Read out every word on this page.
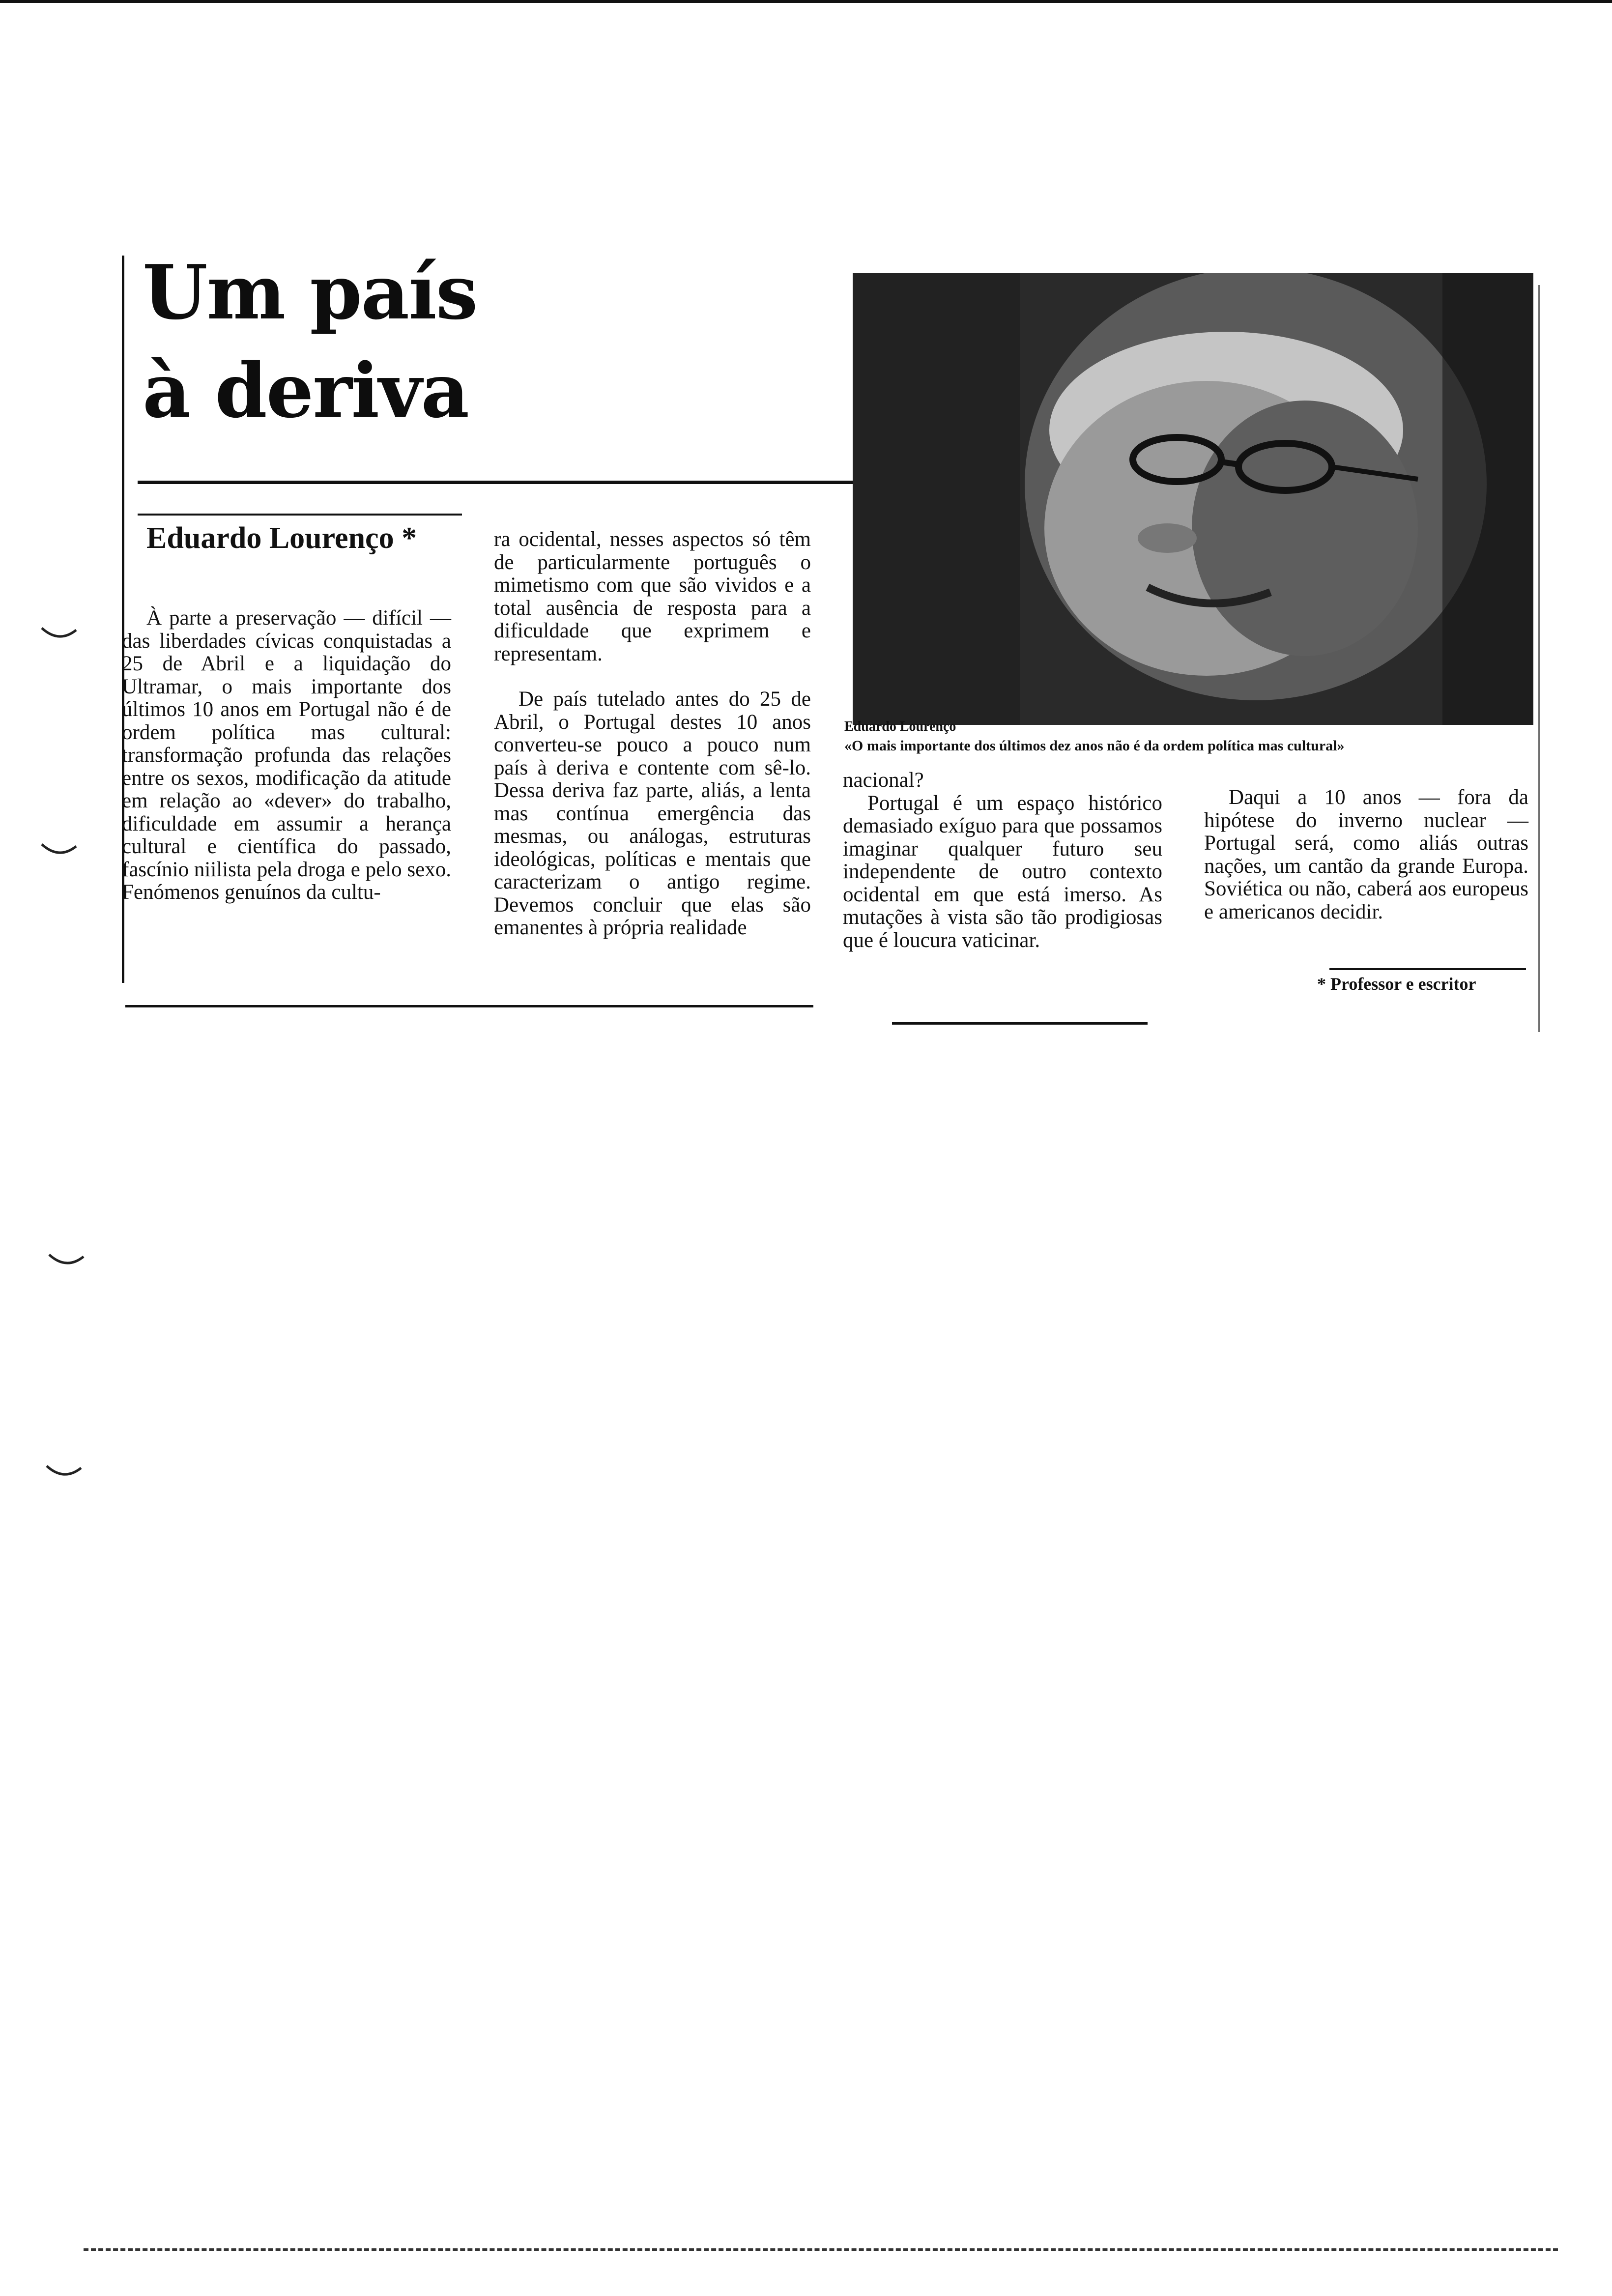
Um país
à deriva
Eduardo Lourenço *

À parte a preservação — difícil — das liberdades cívicas conquistadas a 25 de Abril e a liquidação do Ultramar, o mais importante dos últimos 10 anos em Portugal não é de ordem política mas cultural: transformação profunda das relações entre os sexos, modificação da atitude em relação ao «dever» do trabalho, dificuldade em assumir a herança cultural e científica do passado, fascínio niilista pela droga e pelo sexo. Fenómenos genuínos da cultu-

ra ocidental, nesses aspectos só têm de particularmente português o mimetismo com que são vividos e a total ausência de resposta para a dificuldade que exprimem e representam.

De país tutelado antes do 25 de Abril, o Portugal destes 10 anos converteu-se pouco a pouco num país à deriva e contente com sê-lo. Dessa deriva faz parte, aliás, a lenta mas contínua emergência das mesmas, ou análogas, estruturas ideológicas, políticas e mentais que caracterizam o antigo regime. Devemos concluir que elas são emanentes à própria realidade

Eduardo Lourenço
«O mais importante dos últimos dez anos não é da ordem política mas cultural»

nacional?

Portugal é um espaço histórico demasiado exíguo para que possamos imaginar qualquer futuro seu independente de outro contexto ocidental em que está imerso. As mutações à vista são tão prodigiosas que é loucura vaticinar.

Daqui a 10 anos — fora da hipótese do inverno nuclear — Portugal será, como aliás outras nações, um cantão da grande Europa. Soviética ou não, caberá aos europeus e americanos decidir.

* Professor e escritor
